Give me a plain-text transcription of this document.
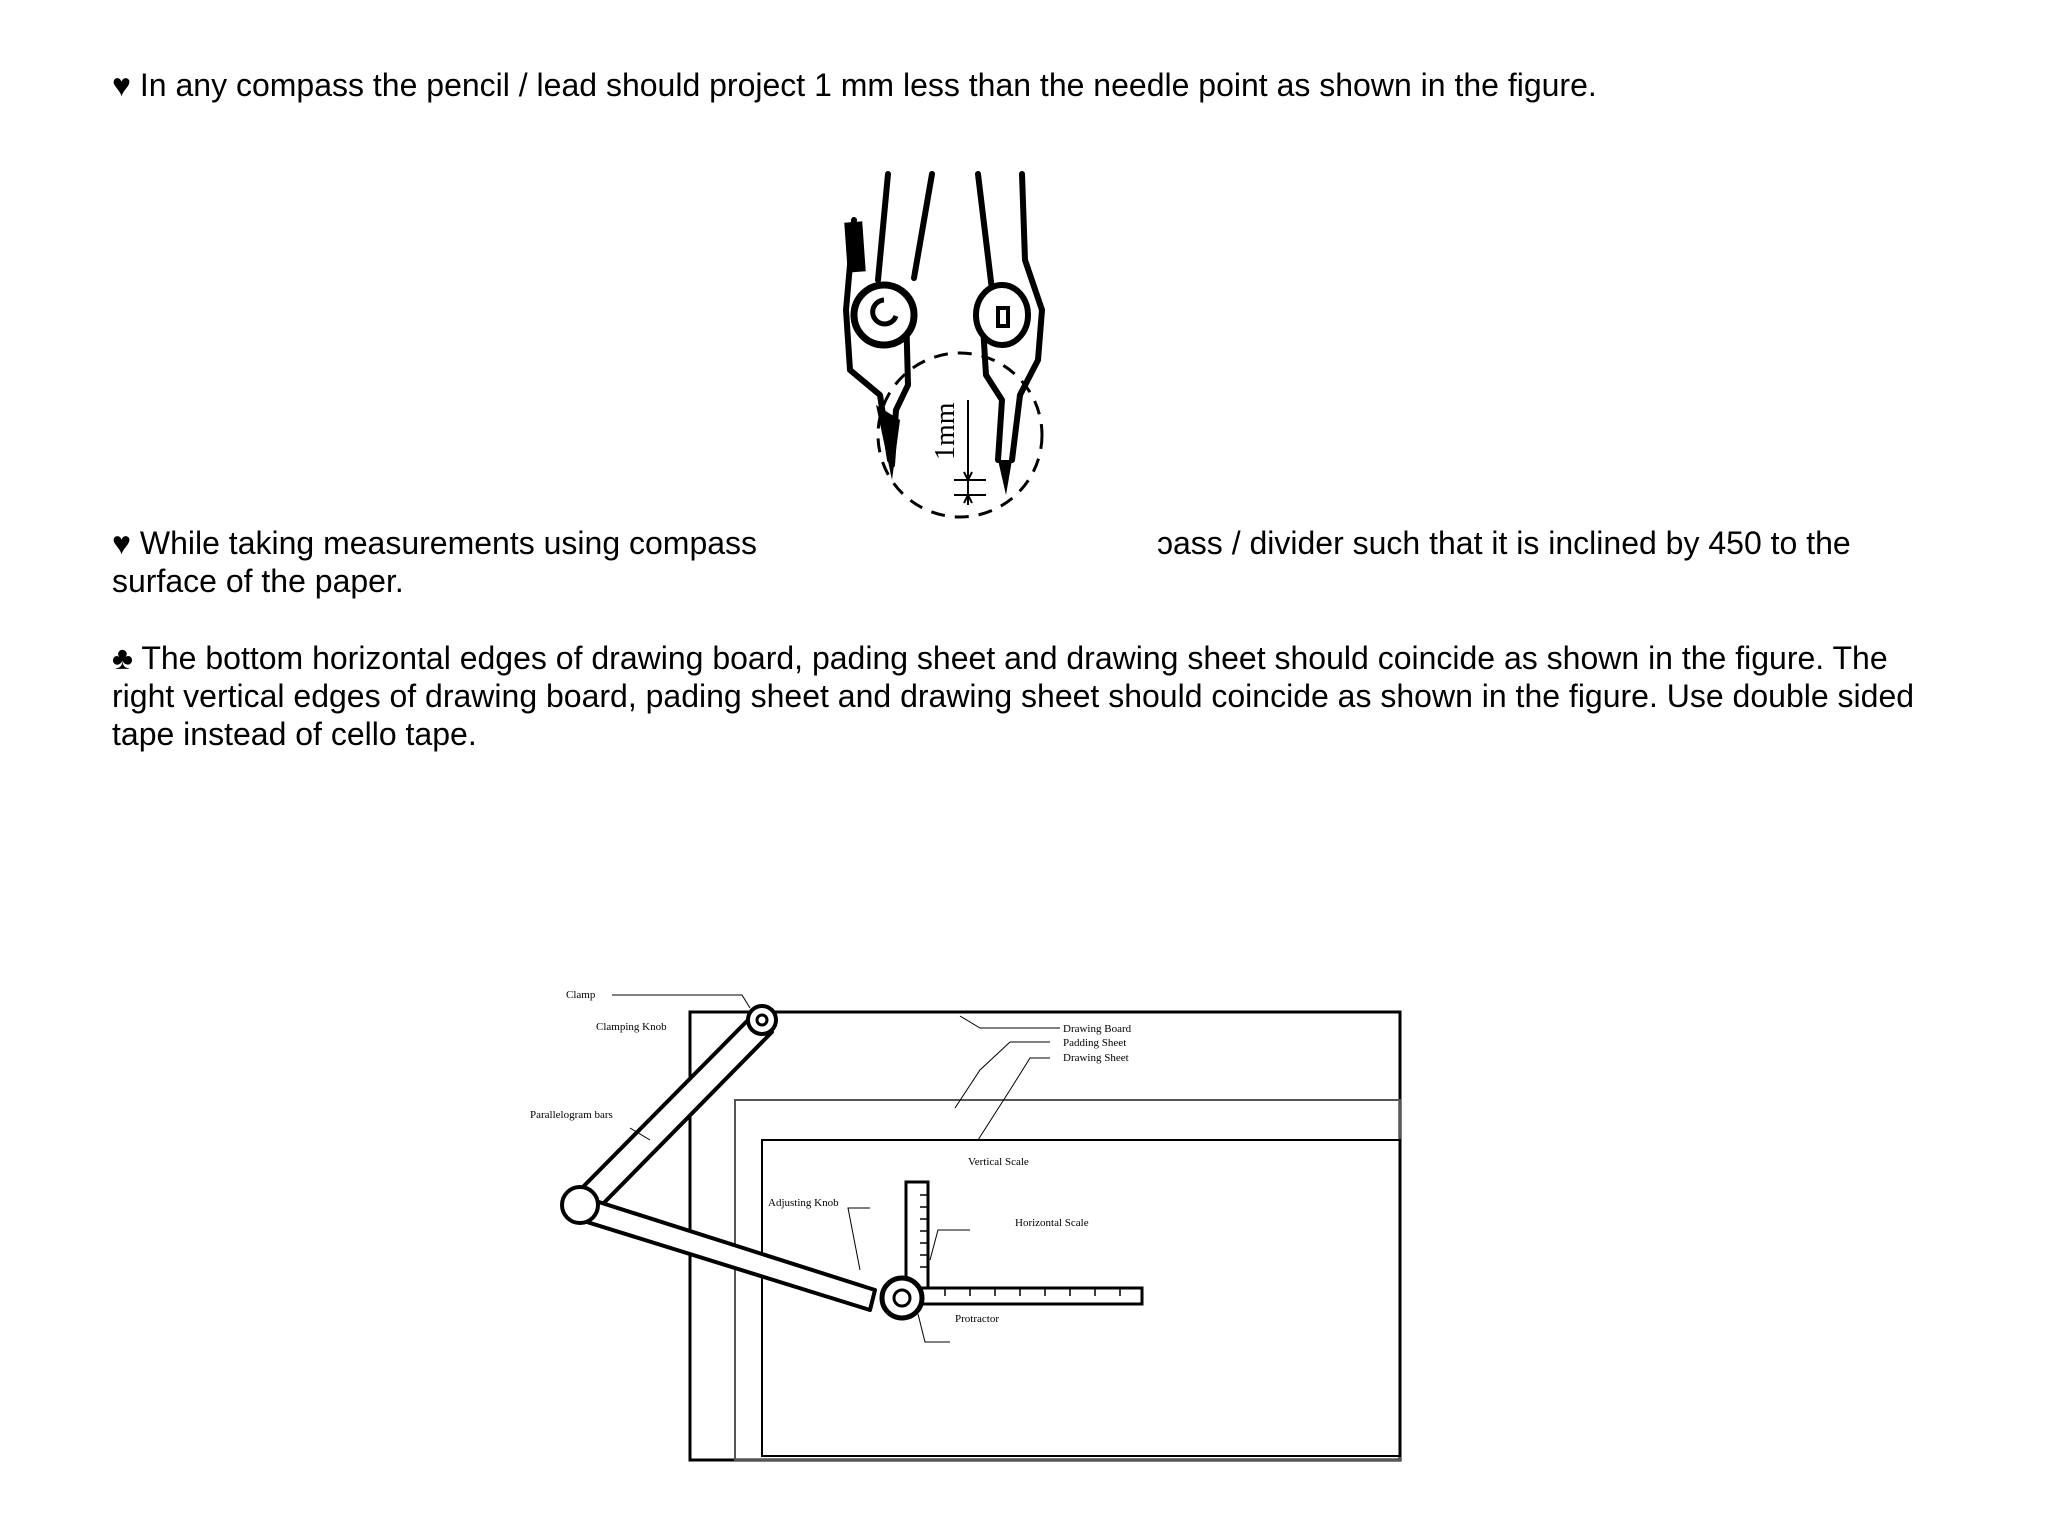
♥ In any compass the pencil / lead should project 1 mm less than the needle point as shown in the figure.

1mm

♥ While taking measurements using compass	ɔass / divider such that it is inclined by 450 to the surface of the paper.

♣ The bottom horizontal edges of drawing board, pading sheet and drawing sheet should coincide as shown in the figure. The right vertical edges of drawing board, pading sheet and drawing sheet should coincide as shown in the figure. Use double sided tape instead of cello tape.

Clamp
Clamping Knob
Parallelogram bars
Drawing Board
Padding Sheet
Drawing Sheet
Vertical Scale
Adjusting Knob
Horizontal Scale
Protractor
